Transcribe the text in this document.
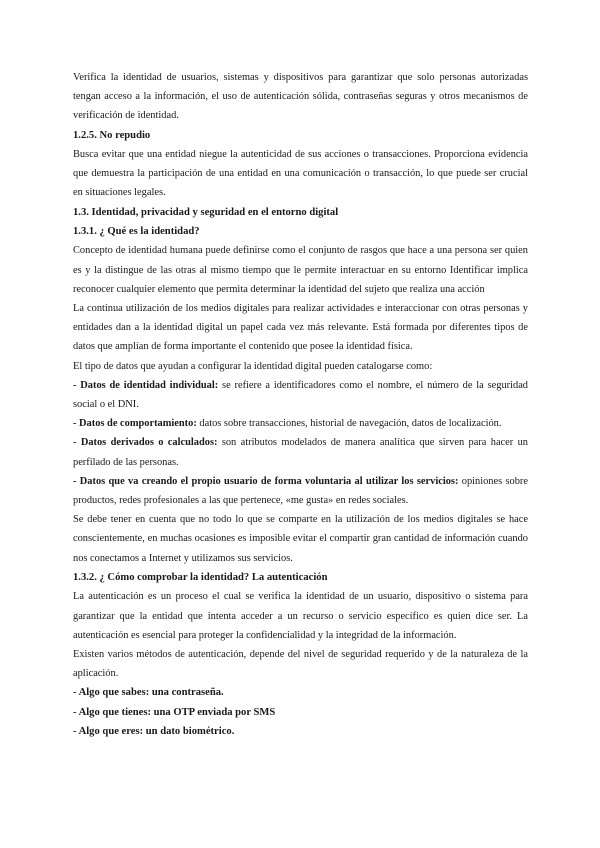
Verifica la identidad de usuarios, sistemas y dispositivos para garantizar que solo personas autorizadas tengan acceso a la información, el uso de autenticación sólida, contraseñas seguras y otros mecanismos de verificación de identidad.

1.2.5. No repudio

Busca evitar que una entidad niegue la autenticidad de sus acciones o transacciones. Proporciona evidencia que demuestra la participación de una entidad en una comunicación o transacción, lo que puede ser crucial en situaciones legales.

1.3. Identidad, privacidad y seguridad en el entorno digital

1.3.1. ¿ Qué es la identidad?

Concepto de identidad humana puede definirse como el conjunto de rasgos que hace a una persona ser quien es y la distingue de las otras al mismo tiempo que le permite interactuar en su entorno Identificar implica reconocer cualquier elemento que permita determinar la identidad del sujeto que realiza una acción

La continua utilización de los medios digitales para realizar actividades e interaccionar con otras personas y entidades dan a la identidad digital un papel cada vez más relevante. Está formada por diferentes tipos de datos que amplían de forma importante el contenido que posee la identidad física.

El tipo de datos que ayudan a configurar la identidad digital pueden catalogarse como:

- Datos de identidad individual: se refiere a identificadores como el nombre, el número de la seguridad social o el DNI.

- Datos de comportamiento: datos sobre transacciones, historial de navegación, datos de localización.

- Datos derivados o calculados: son atributos modelados de manera analítica que sirven para hacer un perfilado de las personas.

- Datos que va creando el propio usuario de forma voluntaria al utilizar los servicios: opiniones sobre productos, redes profesionales a las que pertenece, «me gusta» en redes sociales.

Se debe tener en cuenta que no todo lo que se comparte en la utilización de los medios digitales se hace conscientemente, en muchas ocasiones es imposible evitar el compartir gran cantidad de información cuando nos conectamos a Internet y utilizamos sus servicios.

1.3.2. ¿ Cómo comprobar la identidad? La autenticación

La autenticación es un proceso el cual se verifica la identidad de un usuario, dispositivo o sistema para garantizar que la entidad que intenta acceder a un recurso o servicio específico es quien dice ser. La autenticación es esencial para proteger la confidencialidad y la integridad de la información.

Existen varios métodos de autenticación, depende del nivel de seguridad requerido y de la naturaleza de la aplicación.

- Algo que sabes: una contraseña.

- Algo que tienes: una OTP enviada por SMS

- Algo que eres: un dato biométrico.
